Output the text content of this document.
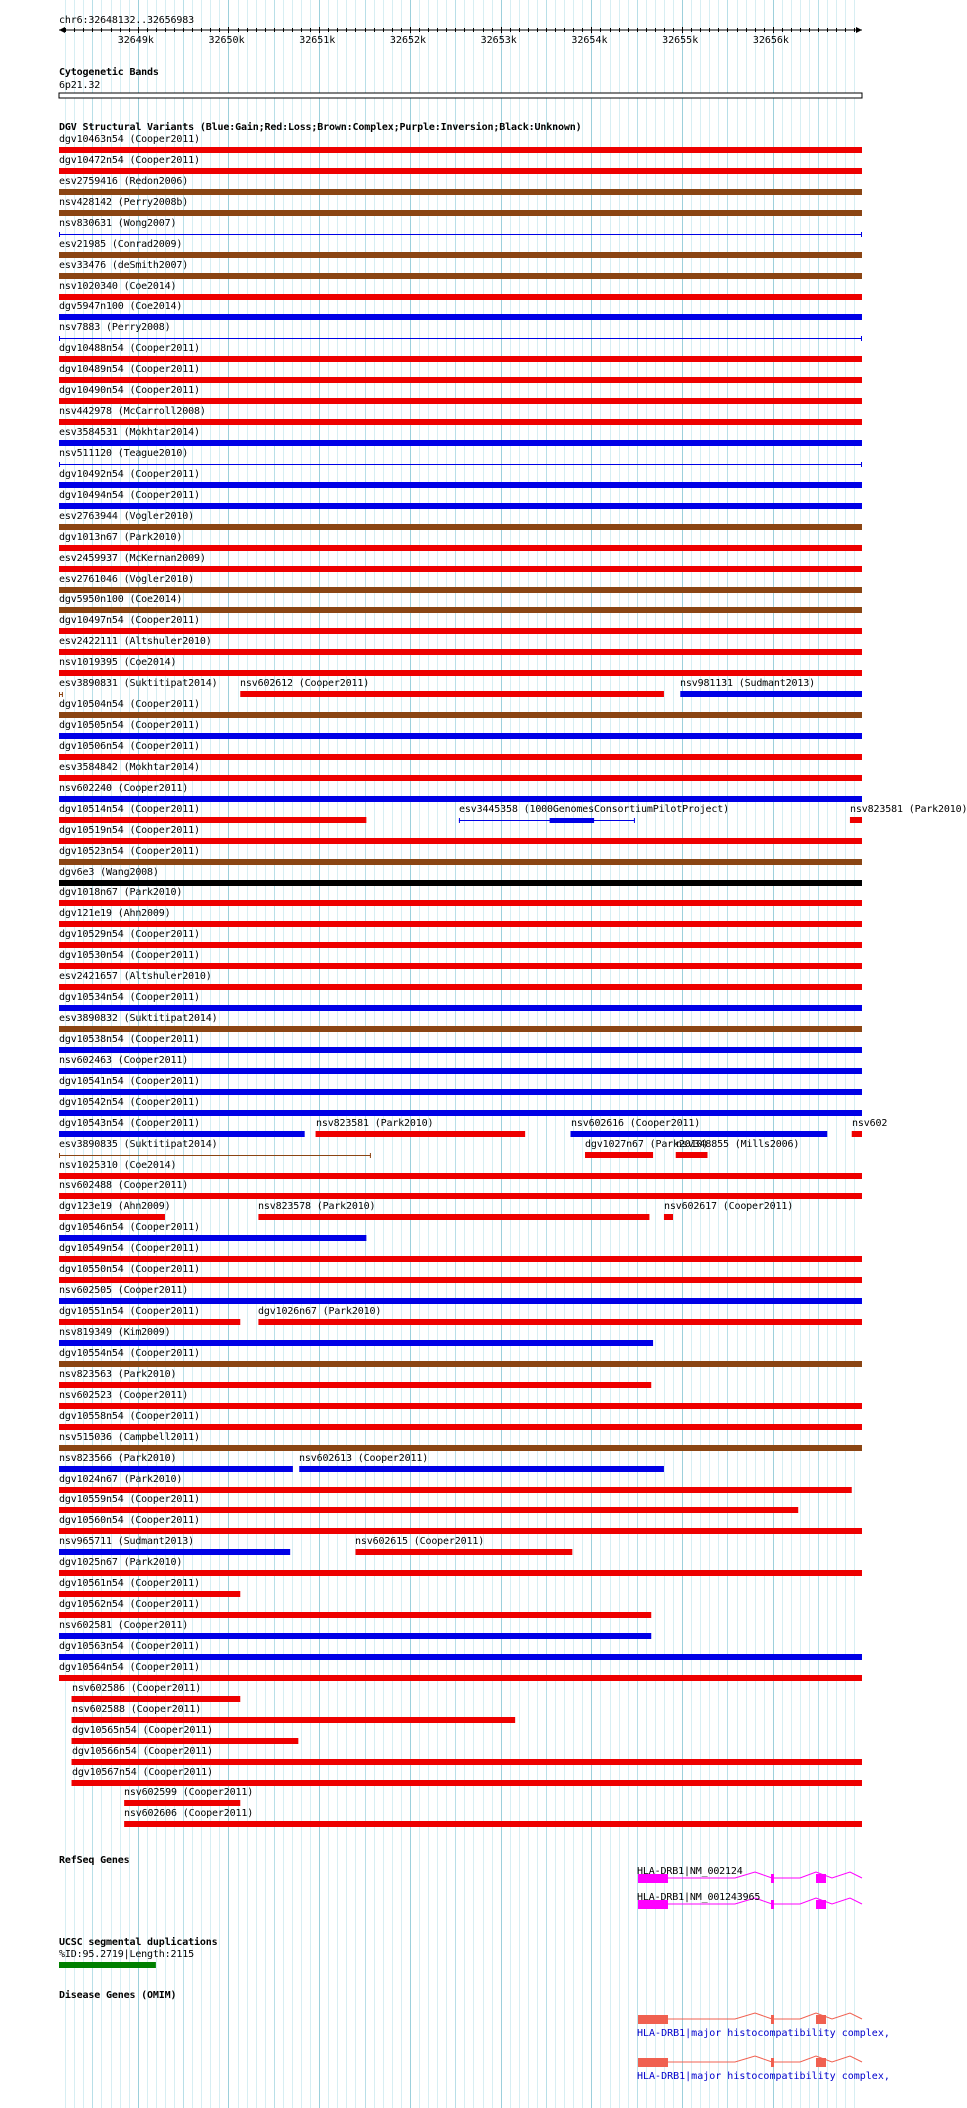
chr6:32648132..32656983
Cytogenetic Bands
6p21.32
DGV Structural Variants (Blue:Gain;Red:Loss;Brown:Complex;Purple:Inversion;Black:Unknown)
RefSeq Genes
HLA-DRB1|NM_002124
HLA-DRB1|NM_001243965
UCSC segmental duplications
%ID:95.2719|Length:2115
Disease Genes (OMIM)
HLA-DRB1|major histocompatibility complex,
HLA-DRB1|major histocompatibility complex,
32649k	32650k	32651k	32652k	32653k	32654k	32655k	32656k
dgv10463n54 (Cooper2011)
dgv10472n54 (Cooper2011)
esv2759416 (Redon2006)
nsv428142 (Perry2008b)
nsv830631 (Wong2007)
esv21985 (Conrad2009)
esv33476 (deSmith2007)
nsv1020340 (Coe2014)
dgv5947n100 (Coe2014)
nsv7883 (Perry2008)
dgv10488n54 (Cooper2011)
dgv10489n54 (Cooper2011)
dgv10490n54 (Cooper2011)
nsv442978 (McCarroll2008)
esv3584531 (Mokhtar2014)
nsv511120 (Teague2010)
dgv10492n54 (Cooper2011)
dgv10494n54 (Cooper2011)
esv2763944 (Vogler2010)
dgv1013n67 (Park2010)
esv2459937 (McKernan2009)
esv2761046 (Vogler2010)
dgv5950n100 (Coe2014)
dgv10497n54 (Cooper2011)
esv2422111 (Altshuler2010)
nsv1019395 (Coe2014)
esv3890831 (Suktitipat2014) nsv602612 (Cooper2011)	nsv981131 (Sudmant2013)
dgv10504n54 (Cooper2011)
dgv10505n54 (Cooper2011)
dgv10506n54 (Cooper2011)
esv3584842 (Mokhtar2014)
nsv602240 (Cooper2011)
dgv10514n54 (Cooper2011)	esv3445358 (1000GenomesConsortiumPilotProject)	nsv823581 (Park2010)
dgv10519n54 (Cooper2011)
dgv10523n54 (Cooper2011)
dgv6e3 (Wang2008)
dgv1018n67 (Park2010)
dgv121e19 (Ahn2009)
dgv10529n54 (Cooper2011)
dgv10530n54 (Cooper2011)
esv2421657 (Altshuler2010)
dgv10534n54 (Cooper2011)
esv3890832 (Suktitipat2014)
dgv10538n54 (Cooper2011)
nsv602463 (Cooper2011)
dgv10541n54 (Cooper2011)
dgv10542n54 (Cooper2011)
dgv10543n54 (Cooper2011)	nsv823581 (Park2010)	nsv602616 (Cooper2011)	nsv602
esv3890835 (Suktitipat2014)	dgv1027n67 (Park2010)
nsv348855 (Mills2006)
nsv1025310 (Coe2014)
nsv602488 (Cooper2011)
dgv123e19 (Ahn2009)	nsv823578 (Park2010)	nsv602617 (Cooper2011)
dgv10546n54 (Cooper2011)
dgv10549n54 (Cooper2011)
dgv10550n54 (Cooper2011)
nsv602505 (Cooper2011)
dgv10551n54 (Cooper2011)	dgv1026n67 (Park2010)
nsv819349 (Kim2009)
dgv10554n54 (Cooper2011)
nsv823563 (Park2010)
nsv602523 (Cooper2011)
dgv10558n54 (Cooper2011)
nsv515036 (Campbell2011)
nsv823566 (Park2010)	nsv602613 (Cooper2011)
dgv1024n67 (Park2010)
dgv10559n54 (Cooper2011)
dgv10560n54 (Cooper2011)
nsv965711 (Sudmant2013)	nsv602615 (Cooper2011)
dgv1025n67 (Park2010)
dgv10561n54 (Cooper2011)
dgv10562n54 (Cooper2011)
nsv602581 (Cooper2011)
dgv10563n54 (Cooper2011)
dgv10564n54 (Cooper2011)
nsv602586 (Cooper2011)
nsv602588 (Cooper2011)
dgv10565n54 (Cooper2011)
dgv10566n54 (Cooper2011)
dgv10567n54 (Cooper2011)
nsv602599 (Cooper2011)
nsv602606 (Cooper2011)
